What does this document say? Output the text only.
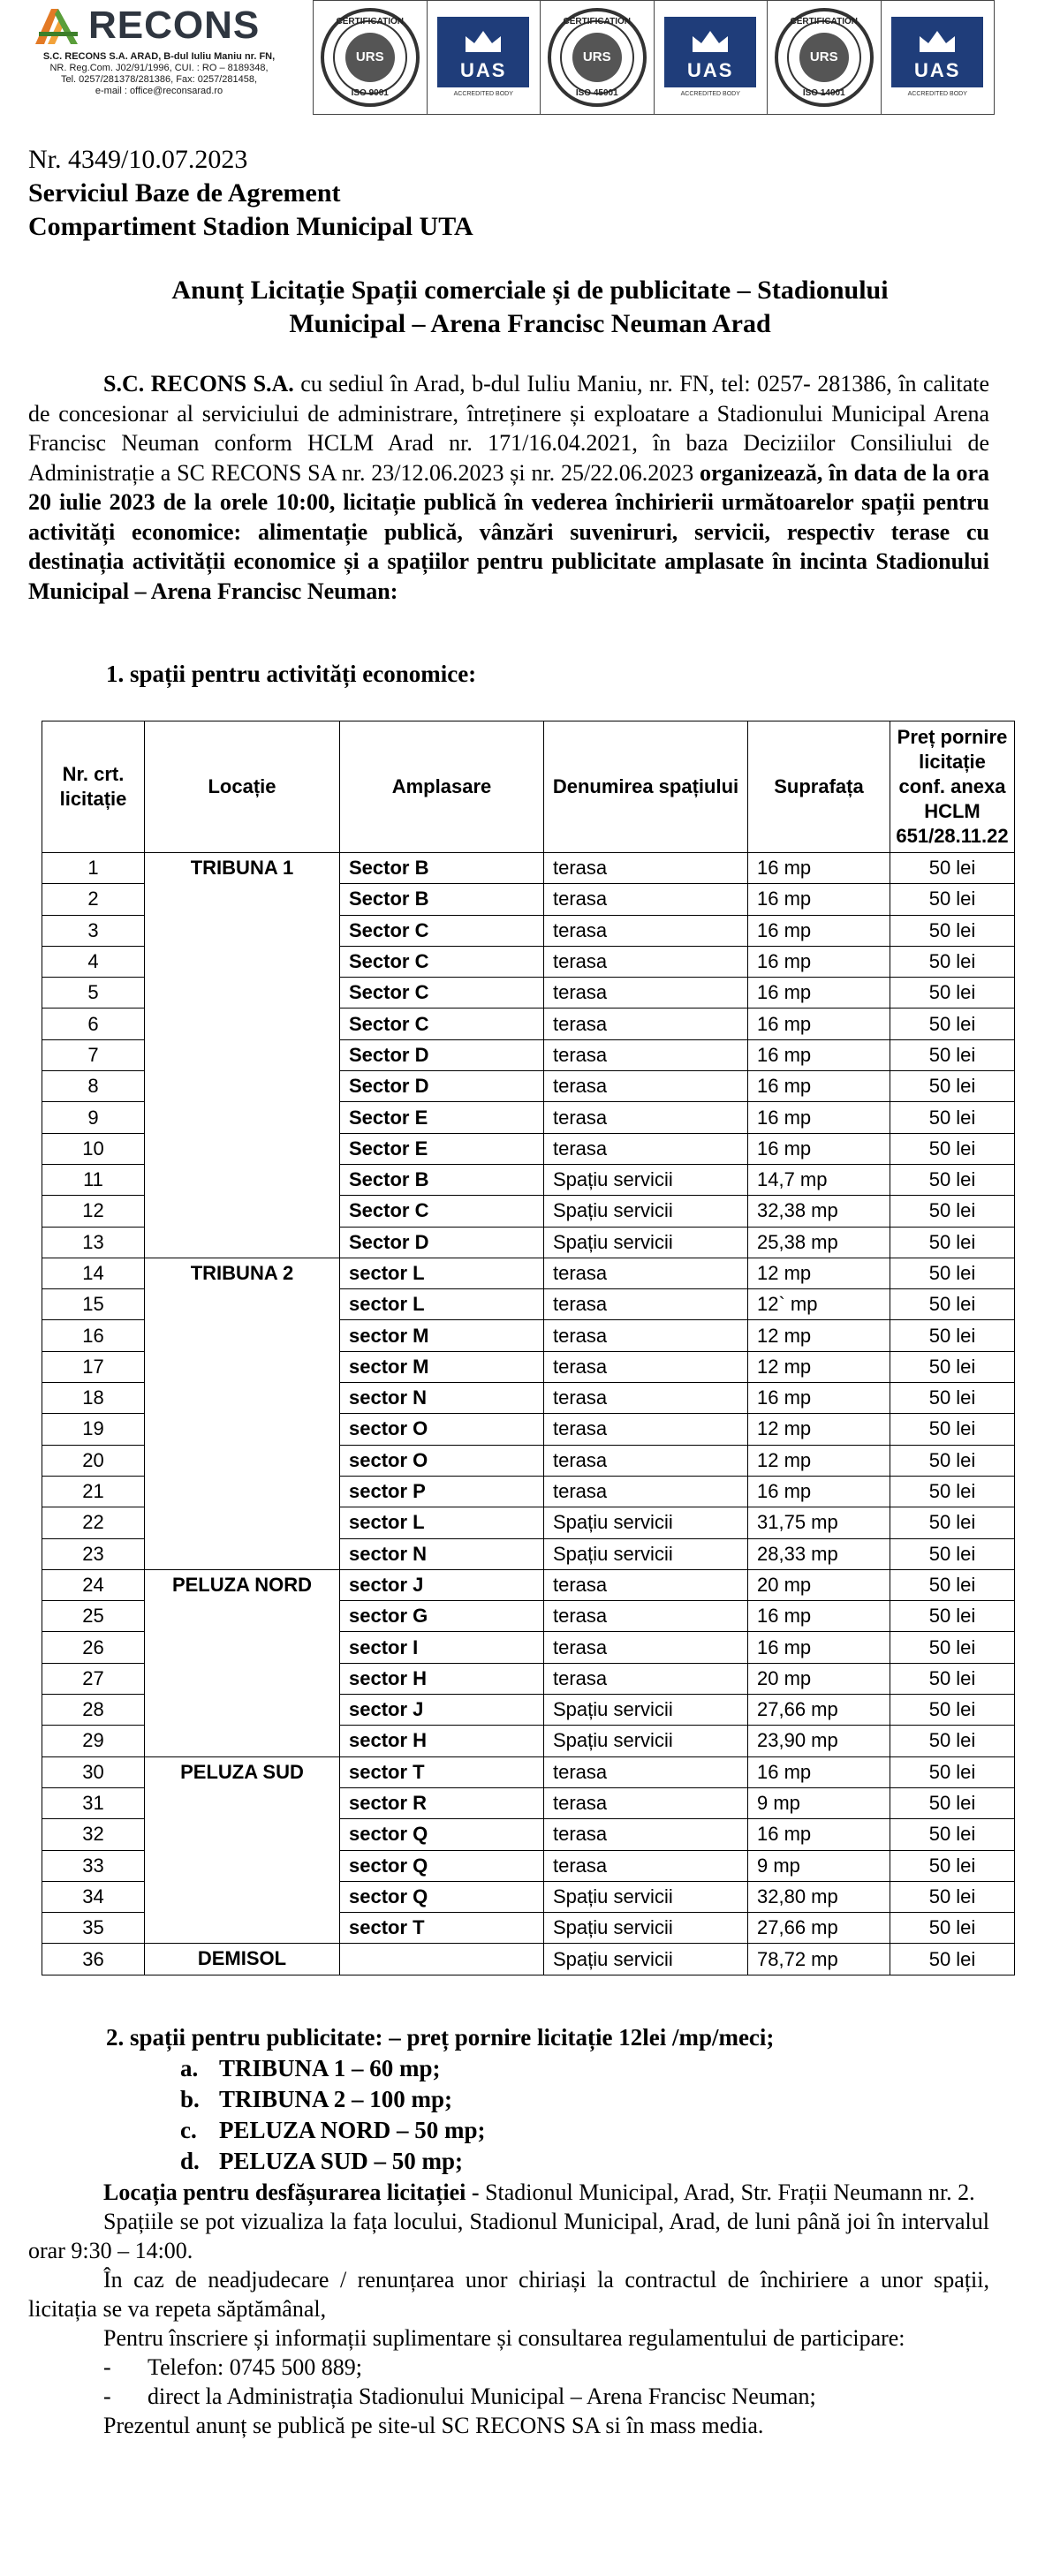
RECONS
S.C. RECONS S.A. ARAD, B-dul Iuliu Maniu nr. FN,
NR. Reg.Com. J02/91/1996, CUI. : RO – 8189348,
Tel. 0257/281378/281386, Fax: 0257/281458,
e-mail : office@reconsarad.ro
CERTIFICATION
URS
ISO 9001
UAS
ACCREDITED BODY
CERTIFICATION
URS
ISO 45001
UAS
ACCREDITED BODY
CERTIFICATION
URS
ISO 14001
UAS
ACCREDITED BODY
Nr. 4349/10.07.2023
Serviciul Baze de Agrement
Compartiment Stadion Municipal UTA
Anunț Licitație Spații comerciale și de publicitate – Stadionului
Municipal – Arena Francisc Neuman Arad
S.C. RECONS S.A. cu sediul în Arad, b-dul Iuliu Maniu, nr. FN, tel: 0257- 281386, în calitate de concesionar al serviciului de administrare, întreținere și exploatare a Stadionului Municipal Arena Francisc Neuman conform HCLM Arad nr. 171/16.04.2021, în baza Deciziilor Consiliului de Administrație a SC RECONS SA nr. 23/12.06.2023 și nr. 25/22.06.2023 organizează, în data de la ora 20 iulie 2023 de la orele 10:00, licitație publică în vederea închirierii următoarelor spații pentru activități economice: alimentație publică, vânzări suveniruri, servicii, respectiv terase cu destinația activității economice și a spațiilor pentru publicitate amplasate în incinta Stadionului Municipal – Arena Francisc Neuman:
1. spații pentru activități economice:
Nr. crt. licitație	Locație	Amplasare	Denumirea spațiului	Suprafața	Preț pornire licitație conf. anexa HCLM 651/28.11.22
1	TRIBUNA 1	Sector B	terasa	16 mp	50 lei
2		Sector B	terasa	16 mp	50 lei
3		Sector C	terasa	16 mp	50 lei
4		Sector C	terasa	16 mp	50 lei
5		Sector C	terasa	16 mp	50 lei
6		Sector C	terasa	16 mp	50 lei
7		Sector D	terasa	16 mp	50 lei
8		Sector D	terasa	16 mp	50 lei
9		Sector E	terasa	16 mp	50 lei
10		Sector E	terasa	16 mp	50 lei
11		Sector B	Spațiu servicii	14,7 mp	50 lei
12		Sector C	Spațiu servicii	32,38 mp	50 lei
13		Sector D	Spațiu servicii	25,38 mp	50 lei
14	TRIBUNA 2	sector L	terasa	12 mp	50 lei
15		sector L	terasa	12` mp	50 lei
16		sector M	terasa	12 mp	50 lei
17		sector M	terasa	12 mp	50 lei
18		sector N	terasa	16 mp	50 lei
19		sector O	terasa	12 mp	50 lei
20		sector O	terasa	12 mp	50 lei
21		sector P	terasa	16 mp	50 lei
22		sector L	Spațiu servicii	31,75 mp	50 lei
23		sector N	Spațiu servicii	28,33 mp	50 lei
24	PELUZA NORD	sector J	terasa	20 mp	50 lei
25		sector G	terasa	16 mp	50 lei
26		sector I	terasa	16 mp	50 lei
27		sector H	terasa	20 mp	50 lei
28		sector J	Spațiu servicii	27,66 mp	50 lei
29		sector H	Spațiu servicii	23,90 mp	50 lei
30	PELUZA SUD	sector T	terasa	16 mp	50 lei
31		sector R	terasa	9 mp	50 lei
32		sector Q	terasa	16 mp	50 lei
33		sector Q	terasa	9 mp	50 lei
34		sector Q	Spațiu servicii	32,80 mp	50 lei
35		sector T	Spațiu servicii	27,66 mp	50 lei
36	DEMISOL		Spațiu servicii	78,72 mp	50 lei
2. spații pentru publicitate: – preț pornire licitație 12lei /mp/meci;
a. TRIBUNA 1 – 60 mp;
b. TRIBUNA 2 – 100 mp;
c. PELUZA NORD – 50 mp;
d. PELUZA SUD – 50 mp;

Locația pentru desfășurarea licitației - Stadionul Municipal, Arad, Str. Frații Neumann nr. 2.

Spațiile se pot vizualiza la fața locului, Stadionul Municipal, Arad, de luni până joi în intervalul orar 9:30 – 14:00.

În caz de neadjudecare / renunțarea unor chiriași la contractul de închiriere a unor spații, licitația se va repeta săptămânal,

Pentru înscriere și informații suplimentare și consultarea regulamentului de participare:

-	Telefon: 0745 500 889;
-	direct la Administrația Stadionului Municipal – Arena Francisc Neuman;

Prezentul anunț se publică pe site-ul SC RECONS SA si în mass media.
